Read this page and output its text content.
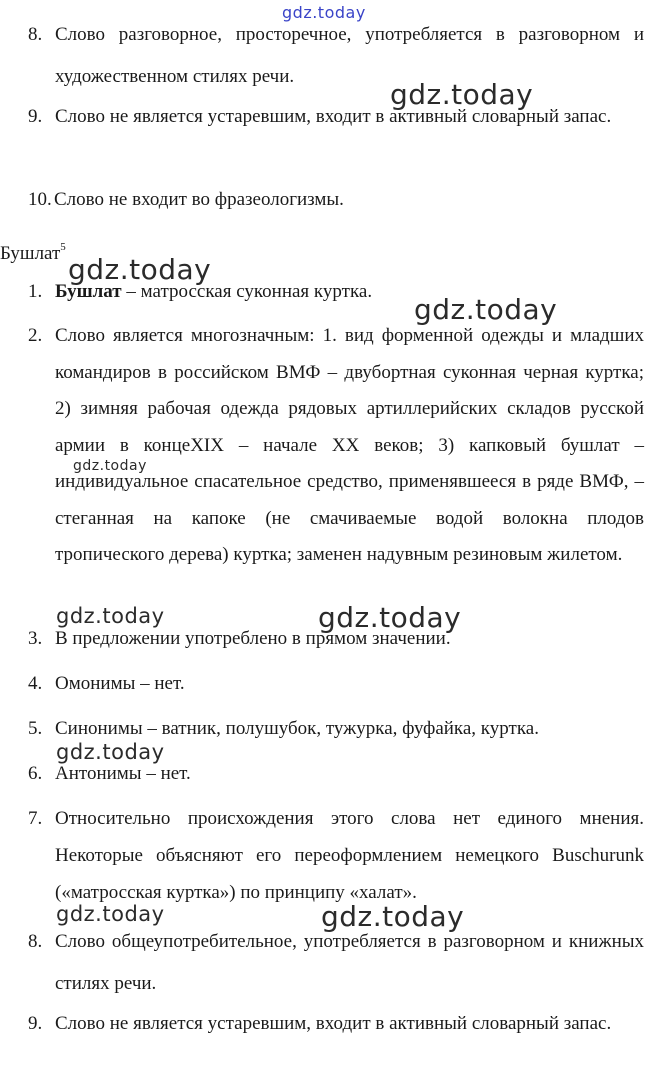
gdz.today
8. Слово разговорное, просторечное, употребляется в разговорном и художественном стилях речи.
9. Слово не является устаревшим, входит в активный словарный запас.
10. Слово не входит во фразеологизмы.
Бушлат$^5$
1. Бушлат – матросская суконная куртка.
2. Слово является многозначным: 1. вид форменной одежды и младших командиров в российском ВМФ – двубортная суконная черная куртка; 2) зимняя рабочая одежда рядовых артиллерийских складов русской армии в концеXIX – начале XX веков; 3) капковый бушлат – индивидуальное спасательное средство, применявшееся в ряде ВМФ, – стеганная на капоке (не смачиваемые водой волокна плодов тропического дерева) куртка; заменен надувным резиновым жилетом.
3. В предложении употреблено в прямом значении.
4. Омонимы – нет.
5. Синонимы – ватник, полушубок, тужурка, фуфайка, куртка.
6. Антонимы – нет.
7. Относительно происхождения этого слова нет единого мнения. Некоторые объясняют его переоформлением немецкого Buschurunk («матросская куртка») по принципу «халат».
8. Слово общеупотребительное, употребляется в разговорном и книжных стилях речи.
9. Слово не является устаревшим, входит в активный словарный запас.
gdz.today
gdz.today
gdz.today
gdz.today
gdz.today	gdz.today
gdz.today
gdz.today	gdz.today
